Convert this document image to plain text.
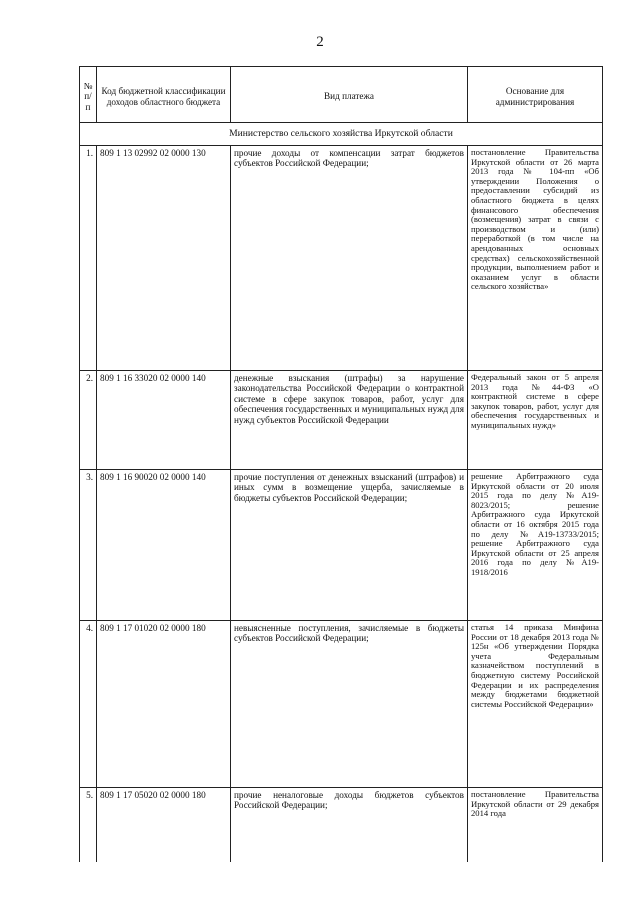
2
№ п/п	Код бюджетной классификации доходов областного бюджета	Вид платежа	Основание для администрирования
Министерство сельского хозяйства Иркутской области			
1.	809 1 13 02992 02 0000 130	прочие доходы от компенсации затрат бюджетов субъектов Российской Федерации;	постановление Правительства Иркутской области от 26 марта 2013 года № 104-пп «Об утверждении Положения о предоставлении субсидий из областного бюджета в целях финансового обеспечения (возмещения) затрат в связи с производством и (или) переработкой (в том числе на арендованных основных средствах) сельскохозяйственной продукции, выполнением работ и оказанием услуг в области сельского хозяйства»
2.	809 1 16 33020 02 0000 140	денежные взыскания (штрафы) за нарушение законодательства Российской Федерации о контрактной системе в сфере закупок товаров, работ, услуг для обеспечения государственных и муниципальных нужд для нужд субъектов Российской Федерации	Федеральный закон от 5 апреля 2013 года №44-ФЗ «О контрактной системе в сфере закупок товаров, работ, услуг для обеспечения государственных и муниципальных нужд»
3.	809 1 16 90020 02 0000 140	прочие поступления от денежных взысканий (штрафов) и иных сумм в возмещение ущерба, зачисляемые в бюджеты субъектов Российской Федерации;	решение Арбитражного суда Иркутской области от 20 июля 2015 года по делу №А19-8023/2015; решение Арбитражного суда Иркутской области от 16 октября 2015 года по делу №А19-13733/2015; решение Арбитражного суда Иркутской области от 25 апреля 2016 года по делу №А19-1918/2016
4.	809 1 17 01020 02 0000 180	невыясненные поступления, зачисляемые в бюджеты субъектов Российской Федерации;	статья 14 приказа Минфина России от 18 декабря 2013 года № 125н «Об утверждении Порядка учета Федеральным казначейством поступлений в бюджетную систему Российской Федерации и их распределения между бюджетами бюджетной системы Российской Федерации»
5.	809 1 17 05020 02 0000 180	прочие неналоговые доходы бюджетов субъектов Российской Федерации;	постановление Правительства Иркутской области от 29 декабря 2014 года
